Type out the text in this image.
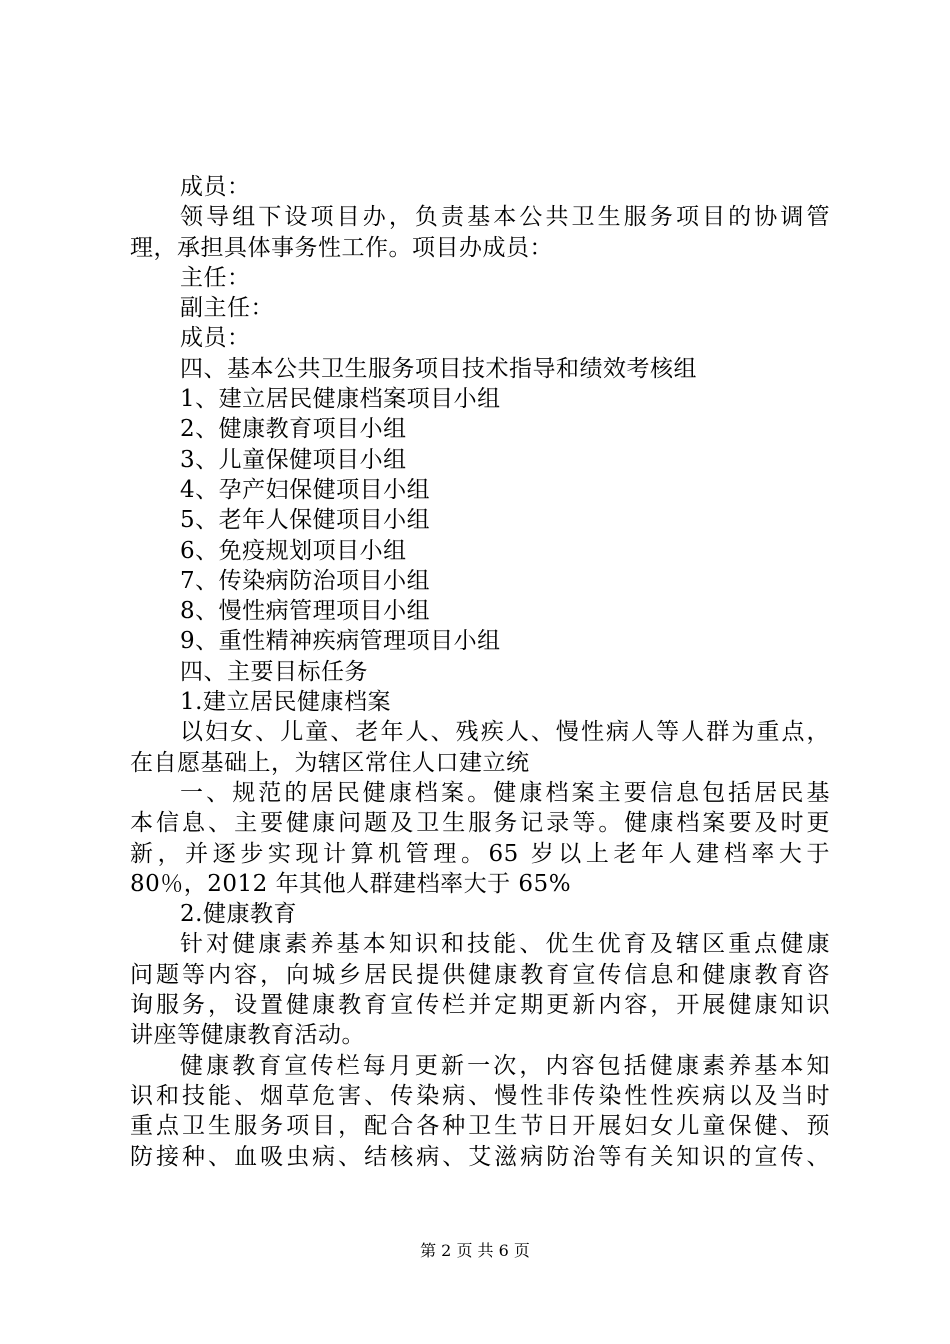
成员：
领导组下设项目办，负责基本公共卫生服务项目的协调管
理，承担具体事务性工作。项目办成员：
主任：
副主任：
成员：
四、基本公共卫生服务项目技术指导和绩效考核组
1、建立居民健康档案项目小组
2、健康教育项目小组
3、儿童保健项目小组
4、孕产妇保健项目小组
5、老年人保健项目小组
6、免疫规划项目小组
7、传染病防治项目小组
8、慢性病管理项目小组
9、重性精神疾病管理项目小组
四、主要目标任务
1.建立居民健康档案
以妇女、儿童、老年人、残疾人、慢性病人等人群为重点，
在自愿基础上，为辖区常住人口建立统
一、规范的居民健康档案。健康档案主要信息包括居民基
本信息、主要健康问题及卫生服务记录等。健康档案要及时更
新，并逐步实现计算机管理。65 岁以上老年人建档率大于
80％，2012 年其他人群建档率大于 65%
2.健康教育
针对健康素养基本知识和技能、优生优育及辖区重点健康
问题等内容，向城乡居民提供健康教育宣传信息和健康教育咨
询服务，设置健康教育宣传栏并定期更新内容，开展健康知识
讲座等健康教育活动。
健康教育宣传栏每月更新一次，内容包括健康素养基本知
识和技能、烟草危害、传染病、慢性非传染性性疾病以及当时
重点卫生服务项目，配合各种卫生节日开展妇女儿童保健、预
防接种、血吸虫病、结核病、艾滋病防治等有关知识的宣传、
第 2 页 共 6 页
